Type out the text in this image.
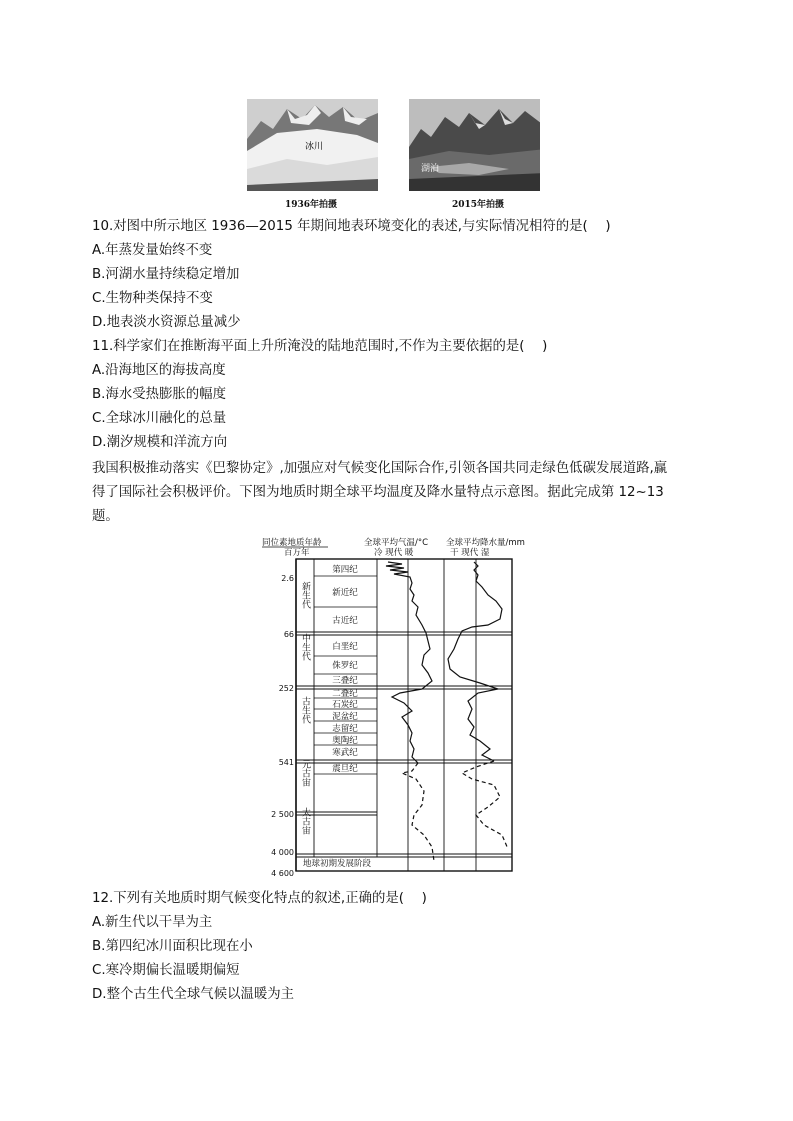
冰川
湖泊
1936年拍摄	2015年拍摄
10.对图中所示地区 1936—2015 年期间地表环境变化的表述,与实际情况相符的是(　 )
A.年蒸发量始终不变
B.河湖水量持续稳定增加
C.生物种类保持不变
D.地表淡水资源总量减少
11.科学家们在推断海平面上升所淹没的陆地范围时,不作为主要依据的是(　 )
A.沿海地区的海拔高度
B.海水受热膨胀的幅度
C.全球冰川融化的总量
D.潮汐规模和洋流方向
我国积极推动落实《巴黎协定》,加强应对气候变化国际合作,引领各国共同走绿色低碳发展道路,赢
得了国际社会积极评价。下图为地质时期全球平均温度及降水量特点示意图。据此完成第 12~13
题。
同位素地质年龄
百万年
全球平均气温/°C 全球平均降水量/mm
冷 现代 暖	干 现代 湿
2.6
66
252
541
2 500
4 000
4 600
新生代
中生代
古生代
元古宙
太古宙
第四纪
新近纪
古近纪
白垩纪
侏罗纪
三叠纪
二叠纪
石炭纪
泥盆纪
志留纪
奥陶纪
寒武纪
震旦纪
地球初期发展阶段
12.下列有关地质时期气候变化特点的叙述,正确的是(　 )
A.新生代以干旱为主
B.第四纪冰川面积比现在小
C.寒冷期偏长温暖期偏短
D.整个古生代全球气候以温暖为主
